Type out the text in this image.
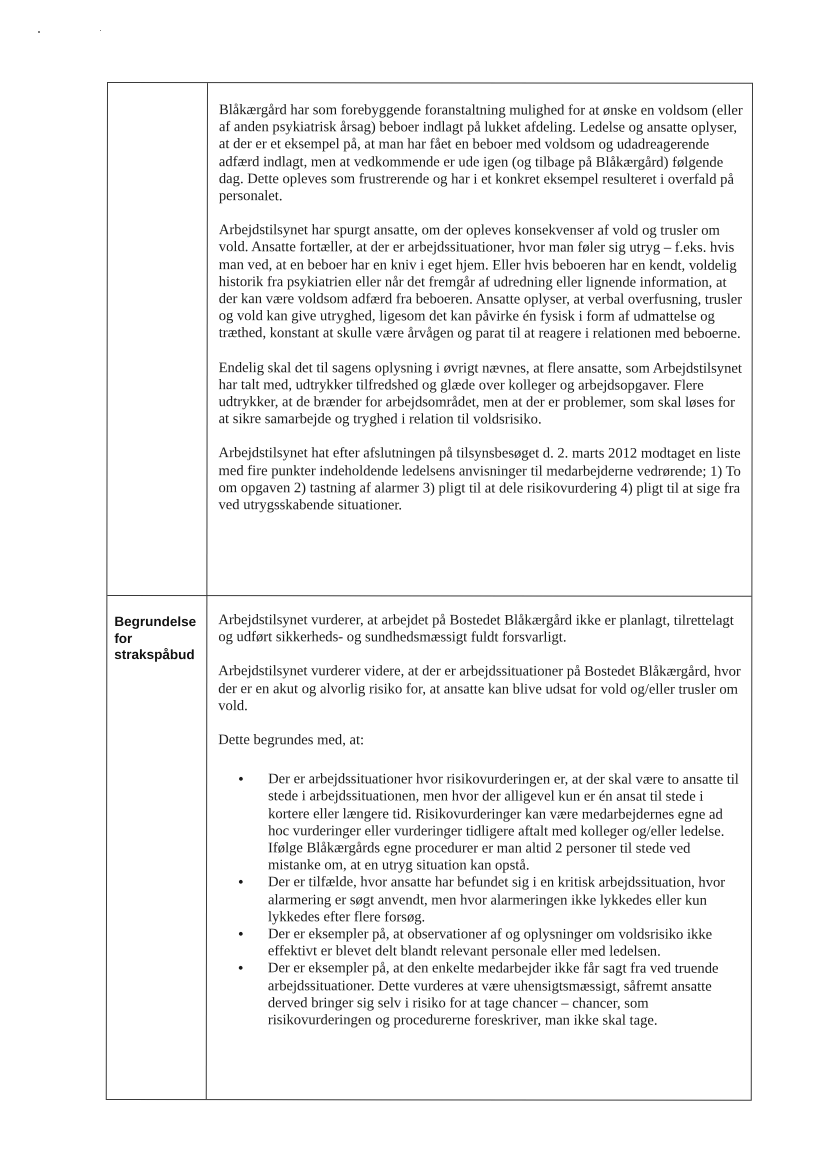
Blåkærgård har som forebyggende foranstaltning mulighed for at ønske en voldsom (eller af anden psykiatrisk årsag) beboer indlagt på lukket afdeling. Ledelse og ansatte oplyser, at der er et eksempel på, at man har fået en beboer med voldsom og udadreagerende adfærd indlagt, men at vedkommende er ude igen (og tilbage på Blåkærgård) følgende dag. Dette opleves som frustrerende og har i et konkret eksempel resulteret i overfald på personalet.

Arbejdstilsynet har spurgt ansatte, om der opleves konsekvenser af vold og trusler om vold. Ansatte fortæller, at der er arbejdssituationer, hvor man føler sig utryg – f.eks. hvis man ved, at en beboer har en kniv i eget hjem. Eller hvis beboeren har en kendt, voldelig historik fra psykiatrien eller når det fremgår af udredning eller lignende information, at der kan være voldsom adfærd fra beboeren. Ansatte oplyser, at verbal overfusning, trusler og vold kan give utryghed, ligesom det kan påvirke én fysisk i form af udmattelse og træthed, konstant at skulle være årvågen og parat til at reagere i relationen med beboerne.

Endelig skal det til sagens oplysning i øvrigt nævnes, at flere ansatte, som Arbejdstilsynet har talt med, udtrykker tilfredshed og glæde over kolleger og arbejdsopgaver. Flere udtrykker, at de brænder for arbejdsområdet, men at der er problemer, som skal løses for at sikre samarbejde og tryghed i relation til voldsrisiko.

Arbejdstilsynet hat efter afslutningen på tilsynsbesøget d. 2. marts 2012 modtaget en liste med fire punkter indeholdende ledelsens anvisninger til medarbejderne vedrørende; 1) To om opgaven 2) tastning af alarmer 3) pligt til at dele risikovurdering 4) pligt til at sige fra ved utrygsskabende situationer.

Begrundelse for strakspåbud

Arbejdstilsynet vurderer, at arbejdet på Bostedet Blåkærgård ikke er planlagt, tilrettelagt og udført sikkerheds- og sundhedsmæssigt fuldt forsvarligt.

Arbejdstilsynet vurderer videre, at der er arbejdssituationer på Bostedet Blåkærgård, hvor der er en akut og alvorlig risiko for, at ansatte kan blive udsat for vold og/eller trusler om vold.

Dette begrundes med, at:

• Der er arbejdssituationer hvor risikovurderingen er, at der skal være to ansatte til stede i arbejdssituationen, men hvor der alligevel kun er én ansat til stede i kortere eller længere tid. Risikovurderinger kan være medarbejdernes egne ad hoc vurderinger eller vurderinger tidligere aftalt med kolleger og/eller ledelse. Ifølge Blåkærgårds egne procedurer er man altid 2 personer til stede ved mistanke om, at en utryg situation kan opstå.
• Der er tilfælde, hvor ansatte har befundet sig i en kritisk arbejdssituation, hvor alarmering er søgt anvendt, men hvor alarmeringen ikke lykkedes eller kun lykkedes efter flere forsøg.
• Der er eksempler på, at observationer af og oplysninger om voldsrisiko ikke effektivt er blevet delt blandt relevant personale eller med ledelsen.
• Der er eksempler på, at den enkelte medarbejder ikke får sagt fra ved truende arbejdssituationer. Dette vurderes at være uhensigtsmæssigt, såfremt ansatte derved bringer sig selv i risiko for at tage chancer – chancer, som risikovurderingen og procedurerne foreskriver, man ikke skal tage.
